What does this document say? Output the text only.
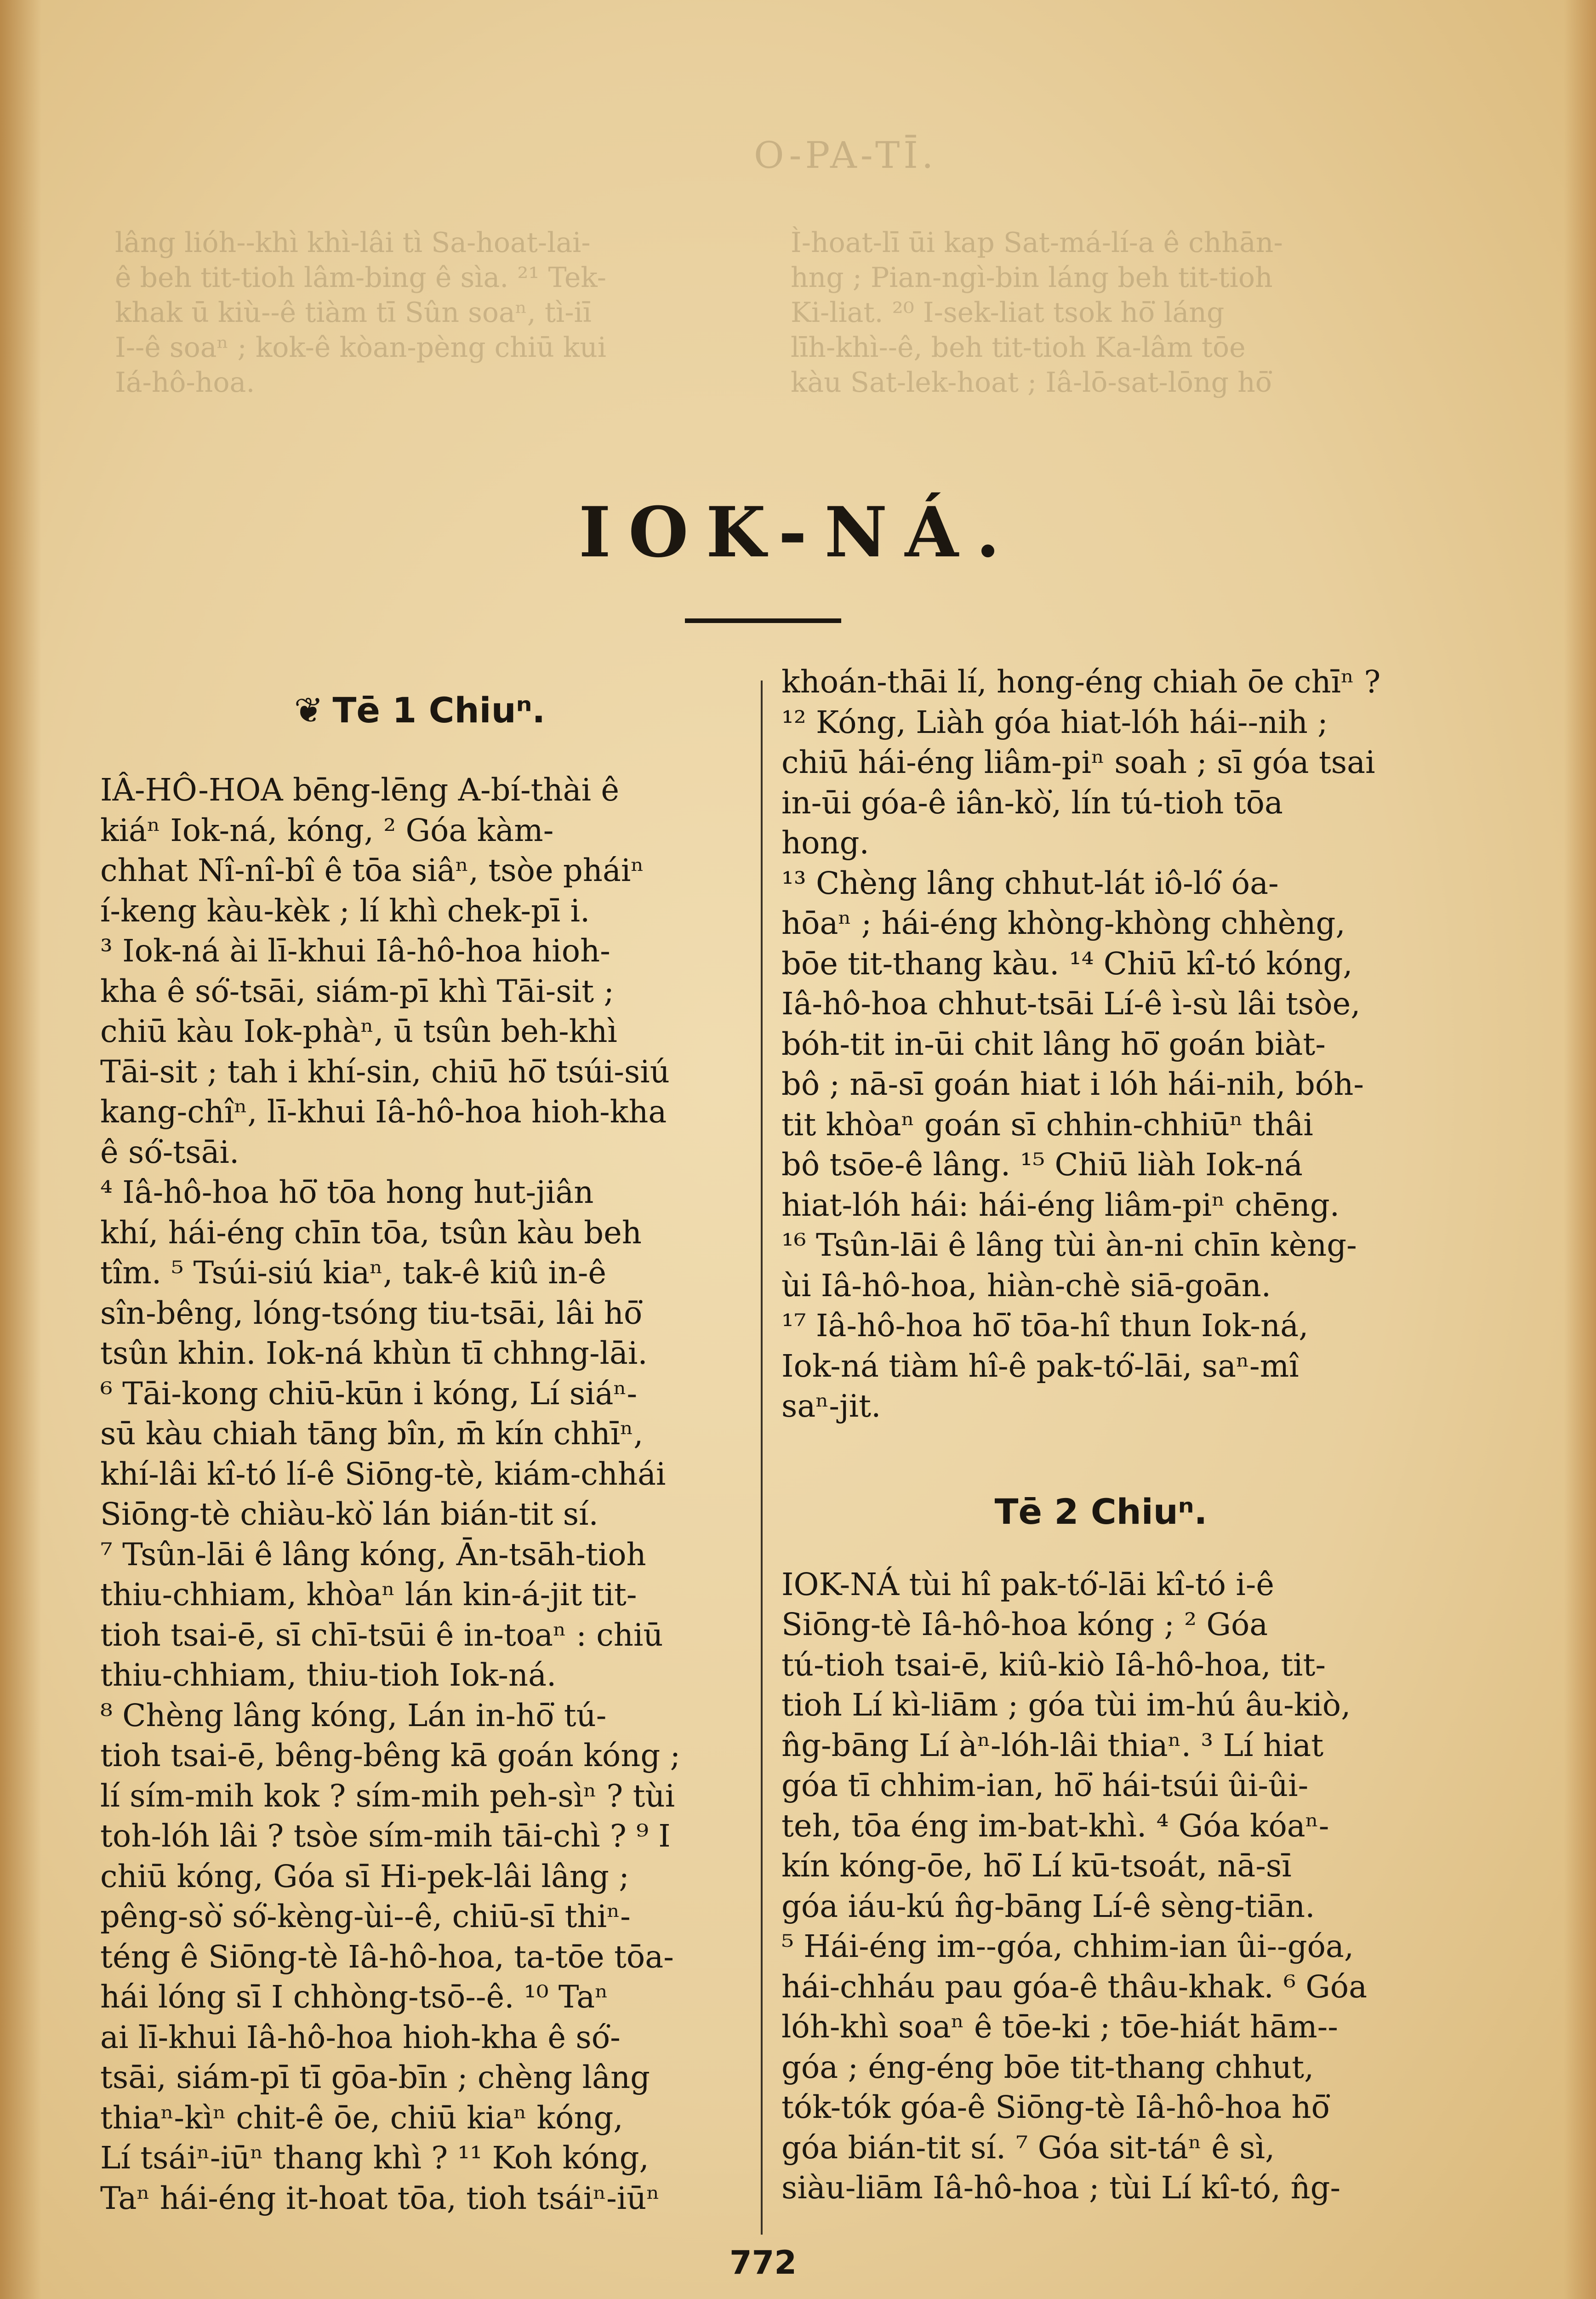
O-PA-TĪ.
lâng lióh--khì khì-lâi tì Sa-hoat-lai-
ê beh tit-tioh lâm-bing ê sìa. ²¹ Tek-
khak ū kiù--ê tiàm tī Sûn soaⁿ, tì-iī
I--ê soaⁿ ; kok-ê kòan-pèng chiū kui
Iá-hô-hoa.
Ì-hoat-lī ūi kap Sat-má-lí-a ê chhān-
hng ; Pian-ngì-bin láng beh tit-tioh
Ki-liat. ²⁰ I-sek-liat tsok hō͘ láng
līh-khì--ê, beh tit-tioh Ka-lâm tōe
kàu Sat-lek-hoat ; Iâ-lō-sat-lōng hō͘
IOK-NÁ.
❦ Tē 1 Chiuⁿ.
IÂ-HÔ-HOA bēng-lēng A-bí-thài ê
kiáⁿ Iok-ná, kóng, ² Góa kàm-
chhat Nî-nî-bî ê tōa siâⁿ, tsòe pháiⁿ
í-keng kàu-kèk ; lí khì chek-pī i.
³ Iok-ná ài lī-khui Iâ-hô-hoa hioh-
kha ê só͘-tsāi, siám-pī khì Tāi-sit ;
chiū kàu Iok-phàⁿ, ū tsûn beh-khì
Tāi-sit ; tah i khí-sin, chiū hō͘ tsúi-siú
kang-chîⁿ, lī-khui Iâ-hô-hoa hioh-kha
ê só͘-tsāi.
⁴ Iâ-hô-hoa hō͘ tōa hong hut-jiân
khí, hái-éng chīn tōa, tsûn kàu beh
tîm. ⁵ Tsúi-siú kiaⁿ, tak-ê kiû in-ê
sîn-bêng, lóng-tsóng tiu-tsāi, lâi hō͘
tsûn khin. Iok-ná khùn tī chhng-lāi.
⁶ Tāi-kong chiū-kūn i kóng, Lí siáⁿ-
sū kàu chiah tāng bîn, m̄ kín chhīⁿ,
khí-lâi kî-tó lí-ê Siōng-tè, kiám-chhái
Siōng-tè chiàu-kò͘ lán bián-tit sí.
⁷ Tsûn-lāi ê lâng kóng, Ān-tsāh-tioh
thiu-chhiam, khòaⁿ lán kin-á-jit tit-
tioh tsai-ē, sī chī-tsūi ê in-toaⁿ : chiū
thiu-chhiam, thiu-tioh Iok-ná.
⁸ Chèng lâng kóng, Lán in-hō͘ tú-
tioh tsai-ē, bêng-bêng kā goán kóng ;
lí sím-mih kok ? sím-mih peh-sìⁿ ? tùi
toh-lóh lâi ? tsòe sím-mih tāi-chì ? ⁹ I
chiū kóng, Góa sī Hi-pek-lâi lâng ;
pêng-sò͘ só͘-kèng-ùi--ê, chiū-sī thiⁿ-
téng ê Siōng-tè Iâ-hô-hoa, ta-tōe tōa-
hái lóng sī I chhòng-tsō--ê. ¹⁰ Taⁿ
ai lī-khui Iâ-hô-hoa hioh-kha ê só͘-
tsāi, siám-pī tī gōa-bīn ; chèng lâng
thiaⁿ-kìⁿ chit-ê ōe, chiū kiaⁿ kóng,
Lí tsáiⁿ-iūⁿ thang khì ? ¹¹ Koh kóng,
Taⁿ hái-éng it-hoat tōa, tioh tsáiⁿ-iūⁿ
khoán-thāi lí, hong-éng chiah ōe chīⁿ ?
¹² Kóng, Liàh góa hiat-lóh hái--nih ;
chiū hái-éng liâm-piⁿ soah ; sī góa tsai
in-ūi góa-ê iân-kò͘, lín tú-tioh tōa
hong.
¹³ Chèng lâng chhut-lát iô-ló͘ óa-
hōaⁿ ; hái-éng khòng-khòng chhèng,
bōe tit-thang kàu. ¹⁴ Chiū kî-tó kóng,
Iâ-hô-hoa chhut-tsāi Lí-ê ì-sù lâi tsòe,
bóh-tit in-ūi chit lâng hō͘ goán biàt-
bô ; nā-sī goán hiat i lóh hái-nih, bóh-
tit khòaⁿ goán sī chhin-chhiūⁿ thâi
bô tsōe-ê lâng. ¹⁵ Chiū liàh Iok-ná
hiat-lóh hái: hái-éng liâm-piⁿ chēng.
¹⁶ Tsûn-lāi ê lâng tùi àn-ni chīn kèng-
ùi Iâ-hô-hoa, hiàn-chè siā-goān.
¹⁷ Iâ-hô-hoa hō͘ tōa-hî thun Iok-ná,
Iok-ná tiàm hî-ê pak-tó͘-lāi, saⁿ-mî
saⁿ-jit.
Tē 2 Chiuⁿ.
IOK-NÁ tùi hî pak-tó͘-lāi kî-tó i-ê
Siōng-tè Iâ-hô-hoa kóng ; ² Góa
tú-tioh tsai-ē, kiû-kiò Iâ-hô-hoa, tit-
tioh Lí kì-liām ; góa tùi im-hú âu-kiò,
n̂g-bāng Lí àⁿ-lóh-lâi thiaⁿ. ³ Lí hiat
góa tī chhim-ian, hō͘ hái-tsúi ûi-ûi-
teh, tōa éng im-bat-khì. ⁴ Góa kóaⁿ-
kín kóng-ōe, hō͘ Lí kū-tsoát, nā-sī
góa iáu-kú n̂g-bāng Lí-ê sèng-tiān.
⁵ Hái-éng im--góa, chhim-ian ûi--góa,
hái-chháu pau góa-ê thâu-khak. ⁶ Góa
lóh-khì soaⁿ ê tōe-ki ; tōe-hiát hām--
góa ; éng-éng bōe tit-thang chhut,
tók-tók góa-ê Siōng-tè Iâ-hô-hoa hō͘
góa bián-tit sí. ⁷ Góa sit-táⁿ ê sì,
siàu-liām Iâ-hô-hoa ; tùi Lí kî-tó, n̂g-
772
